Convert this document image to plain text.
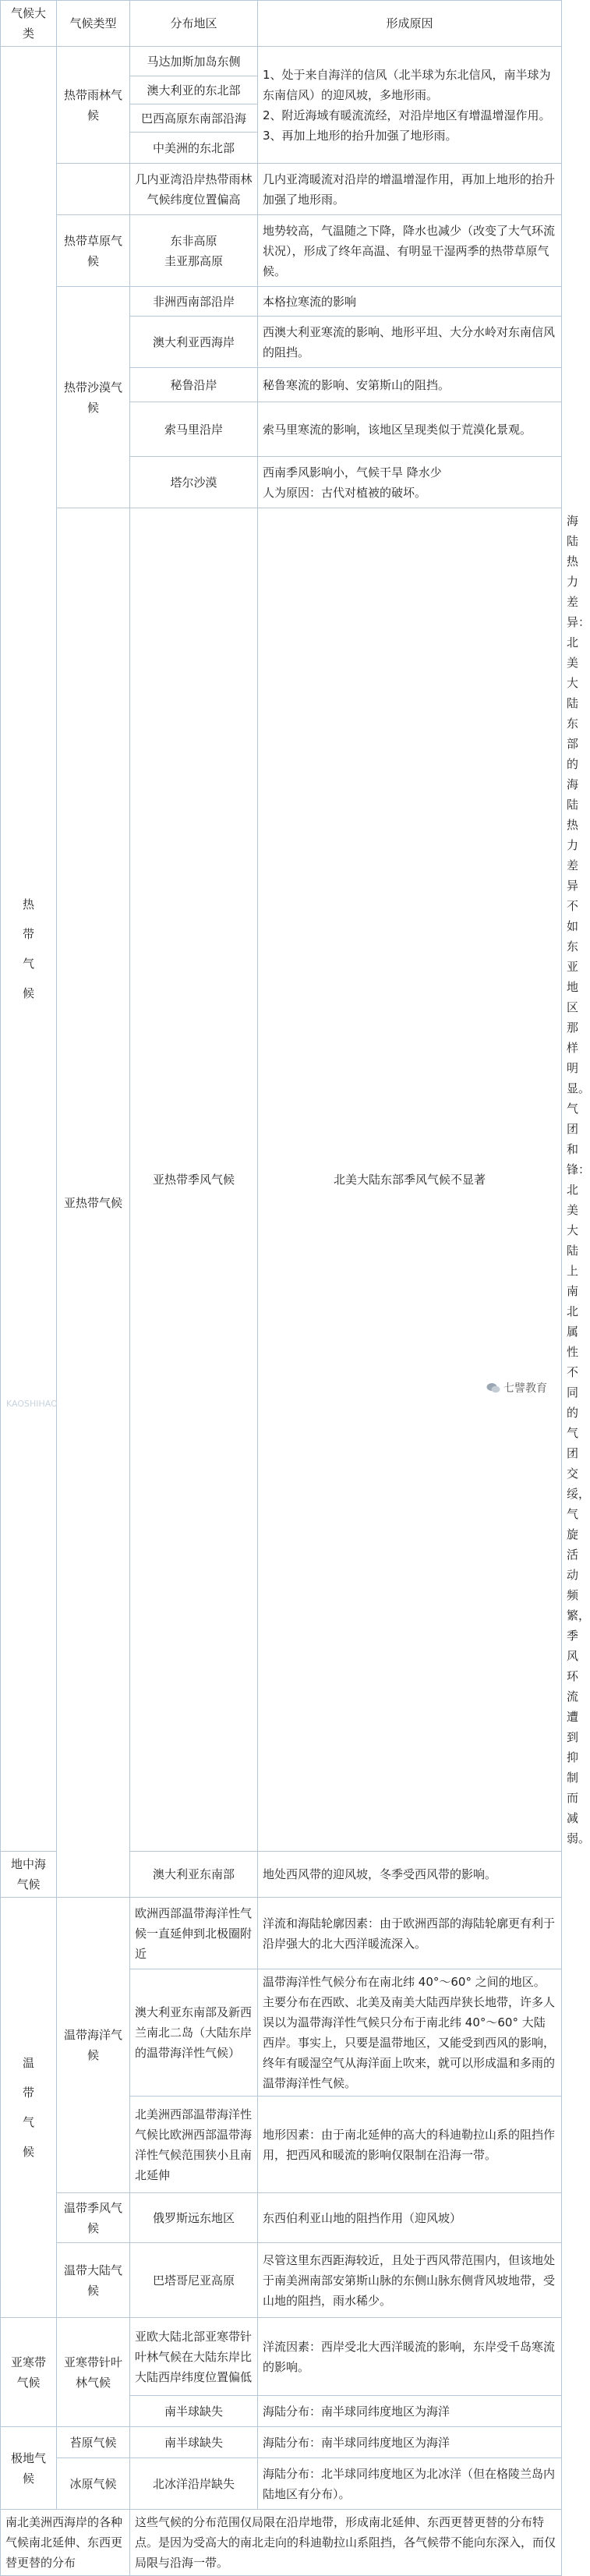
气候大类	气候类型	分布地区	形成原因	
热带气候	热带雨林气候	马达加斯加岛东侧	1、处于来自海洋的信风（北半球为东北信风，南半球为东南信风）的迎风坡，多地形雨。
2、附近海域有暖流流经，对沿岸地区有增温增湿作用。
3、再加上地形的抬升加强了地形雨。	
		澳大利亚的东北部		
		巴西高原东南部沿海		
		中美洲的东北部		
		几内亚湾沿岸热带雨林气候纬度位置偏高	几内亚湾暖流对沿岸的增温增湿作用，再加上地形的抬升加强了地形雨。	
	热带草原气候	东非高原
圭亚那高原	地势较高，气温随之下降，降水也减少（改变了大气环流状况），形成了终年高温、有明显干湿两季的热带草原气候。	
	热带沙漠气候	非洲西南部沿岸	本格拉寒流的影响	
		澳大利亚西海岸	西澳大利亚寒流的影响、地形平坦、大分水岭对东南信风的阻挡。	
		秘鲁沿岸	秘鲁寒流的影响、安第斯山的阻挡。	
		索马里沿岸	索马里寒流的影响，该地区呈现类似于荒漠化景观。	
		塔尔沙漠	西南季风影响小，气候干旱 降水少
人为原因：古代对植被的破坏。	
	亚热带气候	亚热带季风气候	北美大陆东部季风气候不显著	海陆热力差异：北美大陆东部的海陆热力差异不如东亚地区那样明显。
气团和锋：北美大陆上南北属性不同的气团交绥，气旋活动频繁，季风环流遭到抑制而减弱。
地中海气候		澳大利亚东南部	地处西风带的迎风坡，冬季受西风带的影响。	
温带气候	温带海洋气候	欧洲西部温带海洋性气候一直延伸到北极圈附近	洋流和海陆轮廓因素：由于欧洲西部的海陆轮廓更有利于沿岸强大的北大西洋暖流深入。	
		澳大利亚东南部及新西兰南北二岛（大陆东岸的温带海洋性气候）	温带海洋性气候分布在南北纬 40°～60° 之间的地区。主要分布在西欧、北美及南美大陆西岸狭长地带，许多人误以为温带海洋性气候只分布于南北纬 40°～60° 大陆西岸。事实上，只要是温带地区，又能受到西风的影响，终年有暖湿空气从海洋面上吹来，就可以形成温和多雨的温带海洋性气候。	
		北美洲西部温带海洋性气候比欧洲西部温带海洋性气候范围狭小且南北延伸	地形因素：由于南北延伸的高大的科迪勒拉山系的阻挡作用，把西风和暖流的影响仅限制在沿海一带。	
	温带季风气候	俄罗斯远东地区	东西伯利亚山地的阻挡作用（迎风坡）	
	温带大陆气候	巴塔哥尼亚高原	尽管这里东西距海较近，且处于西风带范围内，但该地处于南美洲南部安第斯山脉的东侧山脉东侧背风坡地带，受山地的阻挡，雨水稀少。	
亚寒带气候	亚寒带针叶林气候	亚欧大陆北部亚寒带针叶林气候在大陆东岸比大陆西岸纬度位置偏低	洋流因素：西岸受北大西洋暖流的影响，东岸受千岛寒流的影响。	
		南半球缺失	海陆分布：南半球同纬度地区为海洋	
极地气候	苔原气候	南半球缺失	海陆分布：南半球同纬度地区为海洋	
	冰原气候	北冰洋沿岸缺失	海陆分布：北半球同纬度地区为北冰洋（但在格陵兰岛内陆地区有分布）。	
南北美洲西海岸的各种气候南北延伸、东西更替更替的分布		这些气候的分布范围仅局限在沿岸地带，形成南北延伸、东西更替更替的分布特点。是因为受高大的南北走向的科迪勒拉山系阻挡，各气候带不能向东深入，而仅局限与沿海一带。		
七譬教育
KAOSHIHAO
